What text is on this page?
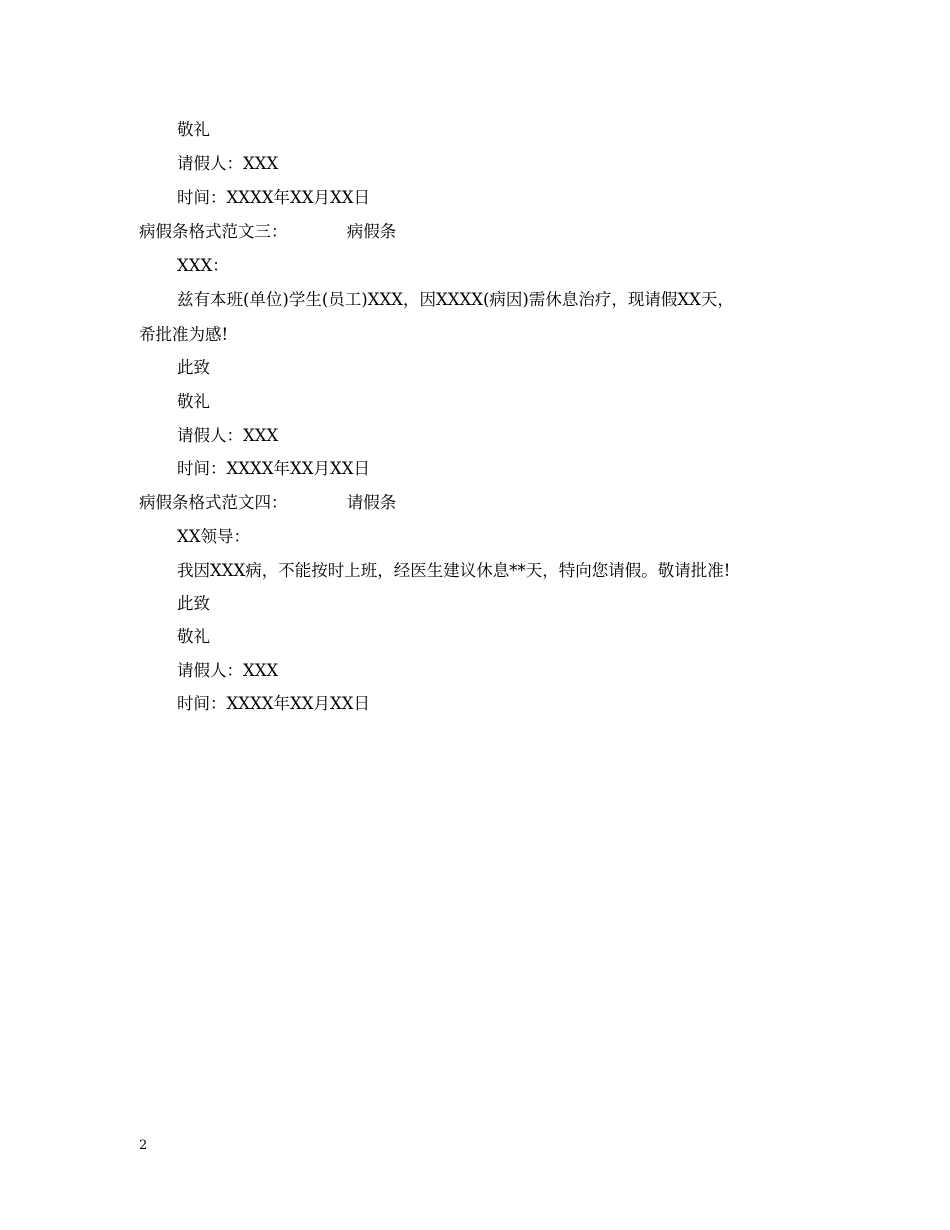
敬礼

请假人：XXX

时间：XXXX年XX月XX日

病假条格式范文三：	病假条

XXX：

兹有本班(单位)学生(员工)XXX，因XXXX(病因)需休息治疗，现请假XX天，

希批准为感!

此致

敬礼

请假人：XXX

时间：XXXX年XX月XX日

病假条格式范文四：	请假条

XX领导：

我因XXX病，不能按时上班，经医生建议休息**天，特向您请假。敬请批准!

此致

敬礼

请假人：XXX

时间：XXXX年XX月XX日

2
